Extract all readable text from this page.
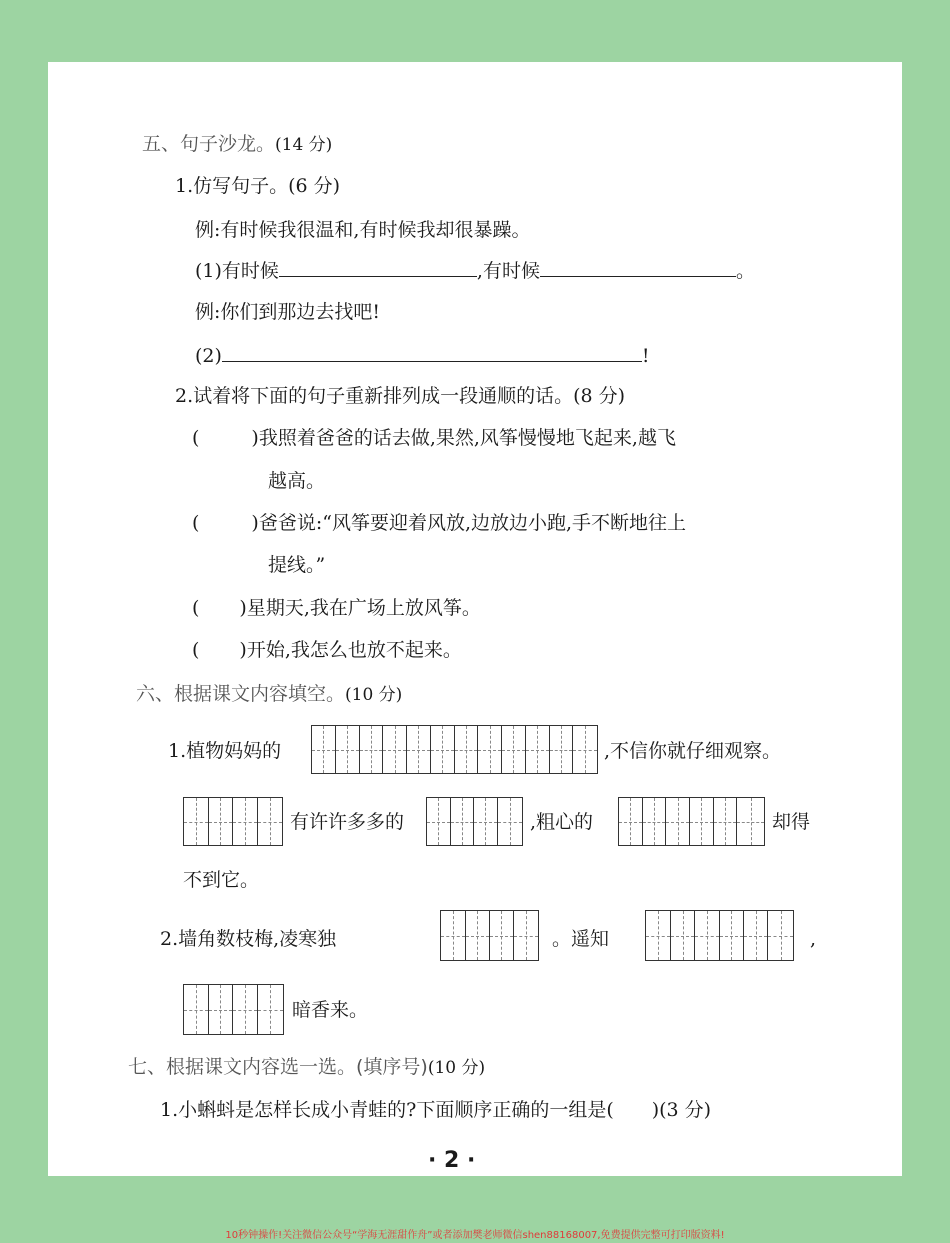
五、句子沙龙。(14 分)
1.仿写句子。(6 分)
例:有时候我很温和,有时候我却很暴躁。
(1)有时候	,有时候	。
例:你们到那边去找吧!
(2)	!
2.试着将下面的句子重新排列成一段通顺的话。(8 分)
(	)我照着爸爸的话去做,果然,风筝慢慢地飞起来,越飞
越高。
(	)爸爸说:“风筝要迎着风放,边放边小跑,手不断地往上
提线。”
( )星期天,我在广场上放风筝。
( )开始,我怎么也放不起来。
六、根据课文内容填空。(10 分)
1.植物妈妈的	,不信你就仔细观察。
有许许多多的	,粗心的	却得
不到它。
2.墙角数枝梅,凌寒独	。遥知	,
暗香来。
七、根据课文内容选一选。(填序号)(10 分)
1.小蝌蚪是怎样长成小青蛙的?下面顺序正确的一组是(　　)(3 分)
· 2 ·
10秒钟操作!关注微信公众号“学海无涯甜作舟”或者添加樊老师微信shen88168007,免费提供完整可打印版资料!
